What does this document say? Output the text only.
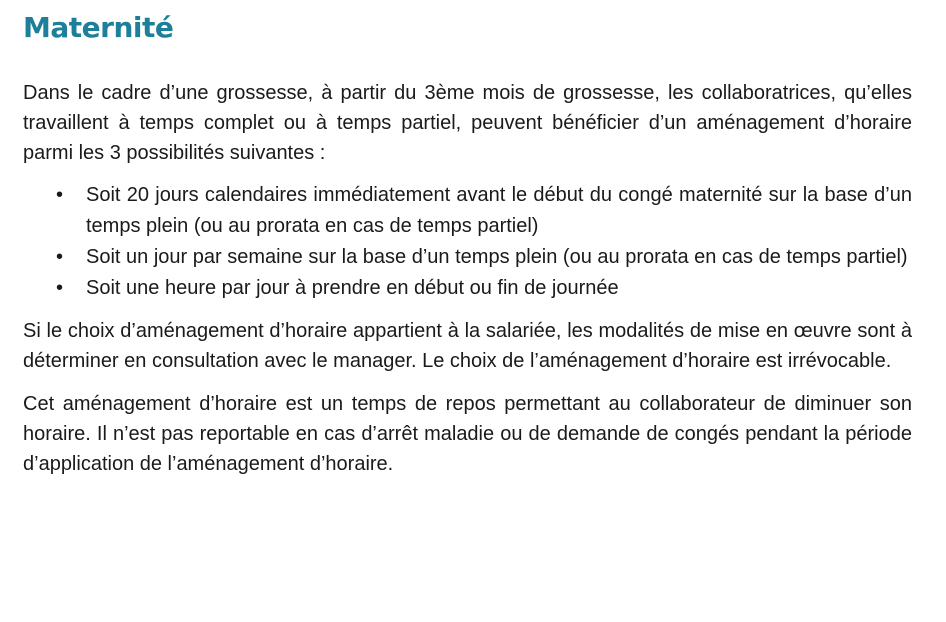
Maternité

Dans le cadre d’une grossesse, à partir du 3ème mois de grossesse, les collaboratrices, qu’elles travaillent à temps complet ou à temps partiel, peuvent bénéficier d’un aménagement d’horaire parmi les 3 possibilités suivantes :

• Soit 20 jours calendaires immédiatement avant le début du congé maternité sur la base d’un temps plein (ou au prorata en cas de temps partiel)
• Soit un jour par semaine sur la base d’un temps plein (ou au prorata en cas de temps partiel)
• Soit une heure par jour à prendre en début ou fin de journée

Si le choix d’aménagement d’horaire appartient à la salariée, les modalités de mise en œuvre sont à déterminer en consultation avec le manager. Le choix de l’aménagement d’horaire est irrévocable.

Cet aménagement d’horaire est un temps de repos permettant au collaborateur de diminuer son horaire. Il n’est pas reportable en cas d’arrêt maladie ou de demande de congés pendant la période d’application de l’aménagement d’horaire.
